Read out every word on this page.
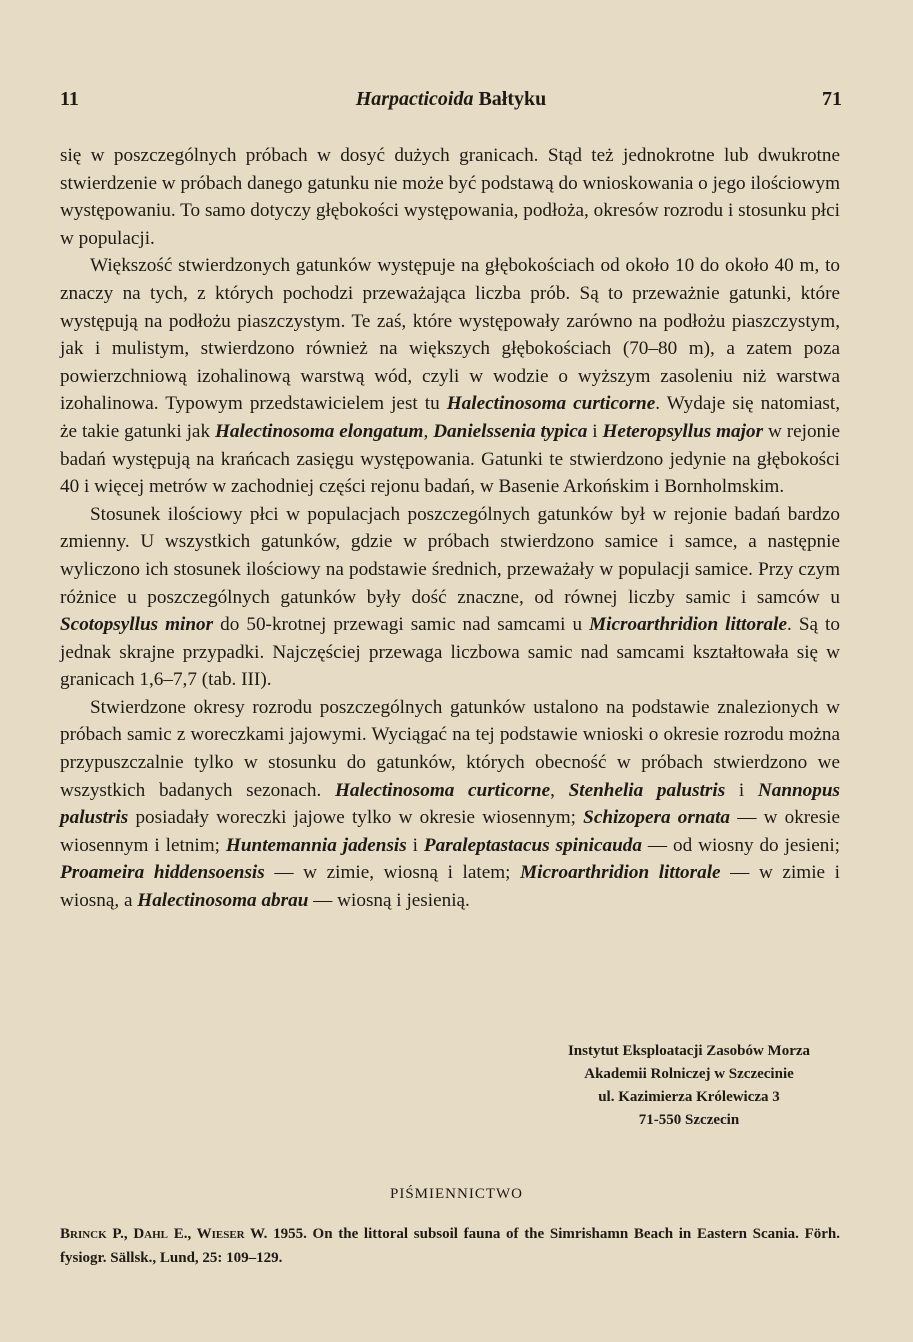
11	Harpacticoida Bałtyku	71

się w poszczególnych próbach w dosyć dużych granicach. Stąd też jednokrotne lub dwukrotne stwierdzenie w próbach danego gatunku nie może być podstawą do wnioskowania o jego ilościowym występowaniu. To samo dotyczy głębokości występowania, podłoża, okresów rozrodu i stosunku płci w populacji.

Większość stwierdzonych gatunków występuje na głębokościach od około 10 do około 40 m, to znaczy na tych, z których pochodzi przeważająca liczba prób. Są to przeważnie gatunki, które występują na podłożu piaszczystym. Te zaś, które występowały zarówno na podłożu piaszczystym, jak i mulistym, stwierdzono również na większych głębokościach (70–80 m), a zatem poza powierzchniową izohalinową warstwą wód, czyli w wodzie o wyższym zasoleniu niż warstwa izohalinowa. Typowym przedstawicielem jest tu Halectinosoma curticorne. Wydaje się natomiast, że takie gatunki jak Halectinosoma elongatum, Danielssenia typica i Heteropsyllus major w rejonie badań występują na krańcach zasięgu występowania. Gatunki te stwierdzono jedynie na głębokości 40 i więcej metrów w zachodniej części rejonu badań, w Basenie Arkońskim i Bornholmskim.

Stosunek ilościowy płci w populacjach poszczególnych gatunków był w rejonie badań bardzo zmienny. U wszystkich gatunków, gdzie w próbach stwierdzono samice i samce, a następnie wyliczono ich stosunek ilościowy na podstawie średnich, przeważały w populacji samice. Przy czym różnice u poszczególnych gatunków były dość znaczne, od równej liczby samic i samców u Scotopsyllus minor do 50-krotnej przewagi samic nad samcami u Microarthridion littorale. Są to jednak skrajne przypadki. Najczęściej przewaga liczbowa samic nad samcami kształtowała się w granicach 1,6–7,7 (tab. III).

Stwierdzone okresy rozrodu poszczególnych gatunków ustalono na podstawie znalezionych w próbach samic z woreczkami jajowymi. Wyciągać na tej podstawie wnioski o okresie rozrodu można przypuszczalnie tylko w stosunku do gatunków, których obecność w próbach stwierdzono we wszystkich badanych sezonach. Halectinosoma curticorne, Stenhelia palustris i Nannopus palustris posiadały woreczki jajowe tylko w okresie wiosennym; Schizopera ornata — w okresie wiosennym i letnim; Huntemannia jadensis i Paraleptastacus spinicauda — od wiosny do jesieni; Proameira hiddensoensis — w zimie, wiosną i latem; Microarthridion littorale — w zimie i wiosną, a Halectinosoma abrau — wiosną i jesienią.

Instytut Eksploatacji Zasobów Morza
Akademii Rolniczej w Szczecinie
ul. Kazimierza Królewicza 3
71-550 Szczecin
PIŚMIENNICTWO
Brinck P., Dahl E., Wieser W. 1955. On the littoral subsoil fauna of the Simrishamn Beach in Eastern Scania. Förh. fysiogr. Sällsk., Lund, 25: 109–129.
